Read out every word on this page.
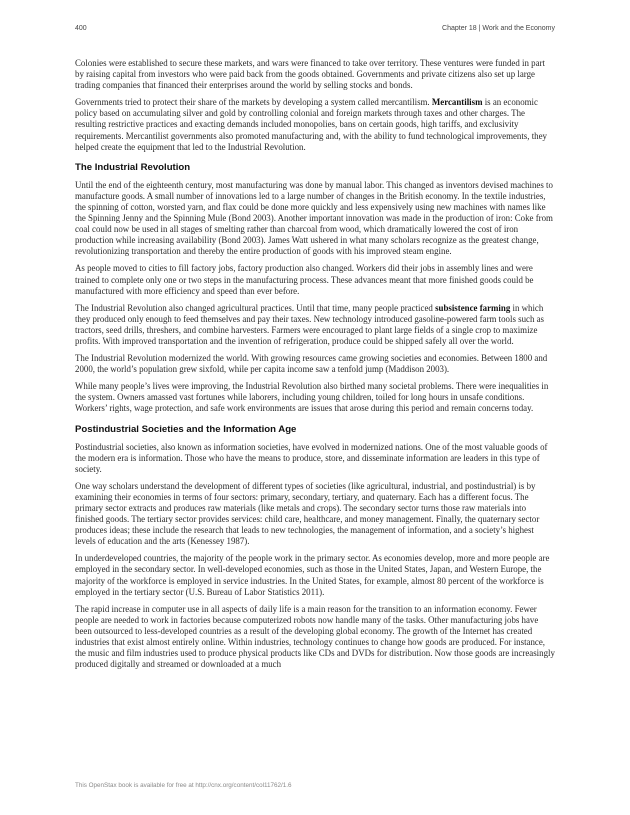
400	Chapter 18 | Work and the Economy

Colonies were established to secure these markets, and wars were financed to take over territory. These ventures were funded in part by raising capital from investors who were paid back from the goods obtained. Governments and private citizens also set up large trading companies that financed their enterprises around the world by selling stocks and bonds.

Governments tried to protect their share of the markets by developing a system called mercantilism. Mercantilism is an economic policy based on accumulating silver and gold by controlling colonial and foreign markets through taxes and other charges. The resulting restrictive practices and exacting demands included monopolies, bans on certain goods, high tariffs, and exclusivity requirements. Mercantilist governments also promoted manufacturing and, with the ability to fund technological improvements, they helped create the equipment that led to the Industrial Revolution.

The Industrial Revolution

Until the end of the eighteenth century, most manufacturing was done by manual labor. This changed as inventors devised machines to manufacture goods. A small number of innovations led to a large number of changes in the British economy. In the textile industries, the spinning of cotton, worsted yarn, and flax could be done more quickly and less expensively using new machines with names like the Spinning Jenny and the Spinning Mule (Bond 2003). Another important innovation was made in the production of iron: Coke from coal could now be used in all stages of smelting rather than charcoal from wood, which dramatically lowered the cost of iron production while increasing availability (Bond 2003). James Watt ushered in what many scholars recognize as the greatest change, revolutionizing transportation and thereby the entire production of goods with his improved steam engine.

As people moved to cities to fill factory jobs, factory production also changed. Workers did their jobs in assembly lines and were trained to complete only one or two steps in the manufacturing process. These advances meant that more finished goods could be manufactured with more efficiency and speed than ever before.

The Industrial Revolution also changed agricultural practices. Until that time, many people practiced subsistence farming in which they produced only enough to feed themselves and pay their taxes. New technology introduced gasoline-powered farm tools such as tractors, seed drills, threshers, and combine harvesters. Farmers were encouraged to plant large fields of a single crop to maximize profits. With improved transportation and the invention of refrigeration, produce could be shipped safely all over the world.

The Industrial Revolution modernized the world. With growing resources came growing societies and economies. Between 1800 and 2000, the world’s population grew sixfold, while per capita income saw a tenfold jump (Maddison 2003).

While many people’s lives were improving, the Industrial Revolution also birthed many societal problems. There were inequalities in the system. Owners amassed vast fortunes while laborers, including young children, toiled for long hours in unsafe conditions. Workers’ rights, wage protection, and safe work environments are issues that arose during this period and remain concerns today.

Postindustrial Societies and the Information Age

Postindustrial societies, also known as information societies, have evolved in modernized nations. One of the most valuable goods of the modern era is information. Those who have the means to produce, store, and disseminate information are leaders in this type of society.

One way scholars understand the development of different types of societies (like agricultural, industrial, and postindustrial) is by examining their economies in terms of four sectors: primary, secondary, tertiary, and quaternary. Each has a different focus. The primary sector extracts and produces raw materials (like metals and crops). The secondary sector turns those raw materials into finished goods. The tertiary sector provides services: child care, healthcare, and money management. Finally, the quaternary sector produces ideas; these include the research that leads to new technologies, the management of information, and a society’s highest levels of education and the arts (Kenessey 1987).

In underdeveloped countries, the majority of the people work in the primary sector. As economies develop, more and more people are employed in the secondary sector. In well-developed economies, such as those in the United States, Japan, and Western Europe, the majority of the workforce is employed in service industries. In the United States, for example, almost 80 percent of the workforce is employed in the tertiary sector (U.S. Bureau of Labor Statistics 2011).

The rapid increase in computer use in all aspects of daily life is a main reason for the transition to an information economy. Fewer people are needed to work in factories because computerized robots now handle many of the tasks. Other manufacturing jobs have been outsourced to less-developed countries as a result of the developing global economy. The growth of the Internet has created industries that exist almost entirely online. Within industries, technology continues to change how goods are produced. For instance, the music and film industries used to produce physical products like CDs and DVDs for distribution. Now those goods are increasingly produced digitally and streamed or downloaded at a much

This OpenStax book is available for free at http://cnx.org/content/col11762/1.6
